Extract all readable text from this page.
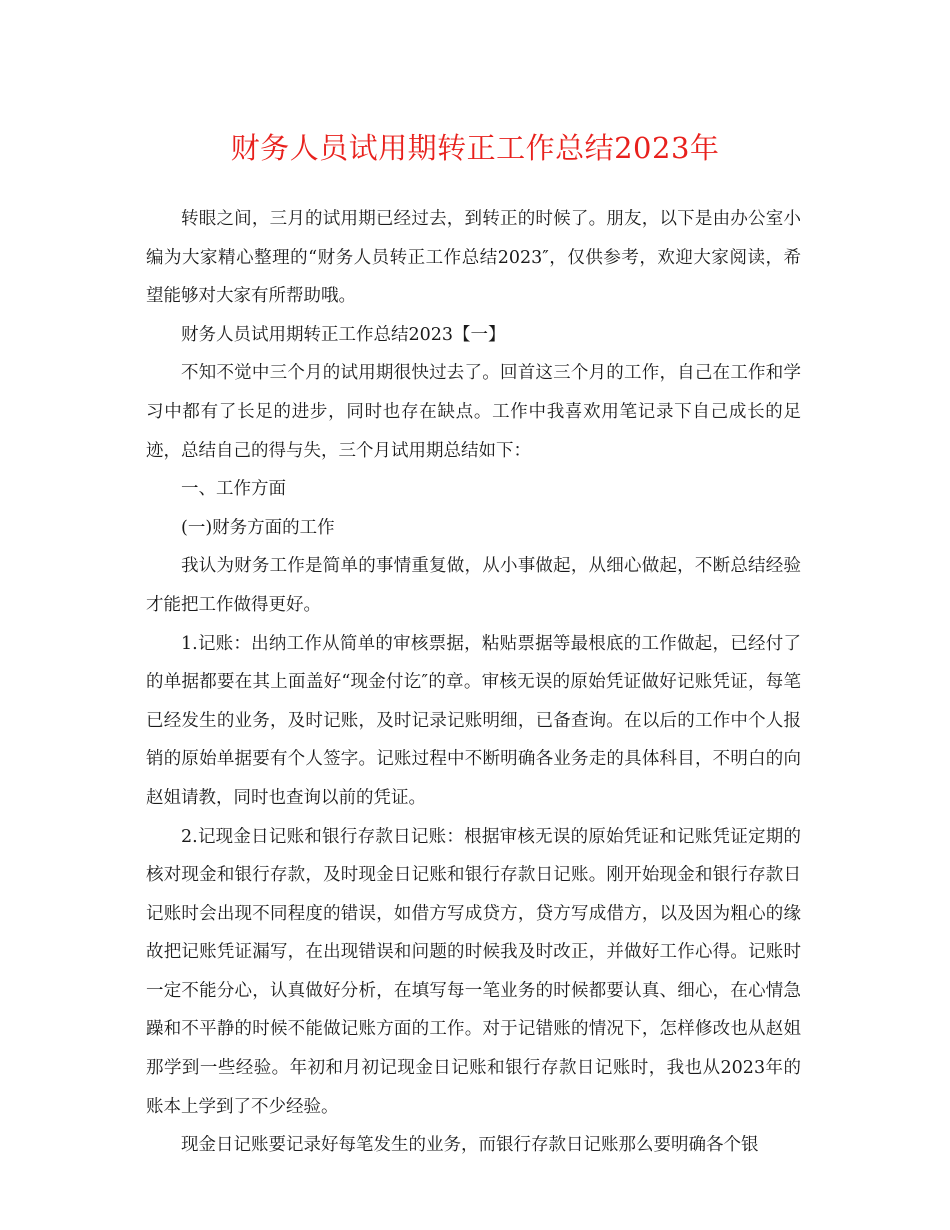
财务人员试用期转正工作总结2023年

转眼之间，三月的试用期已经过去，到转正的时候了。朋友，以下是由办公室小编为大家精心整理的“财务人员转正工作总结2023″，仅供参考，欢迎大家阅读，希望能够对大家有所帮助哦。

财务人员试用期转正工作总结2023【一】

不知不觉中三个月的试用期很快过去了。回首这三个月的工作，自己在工作和学习中都有了长足的进步，同时也存在缺点。工作中我喜欢用笔记录下自己成长的足迹，总结自己的得与失，三个月试用期总结如下：

一、工作方面

(一)财务方面的工作

我认为财务工作是简单的事情重复做，从小事做起，从细心做起，不断总结经验才能把工作做得更好。

1.记账：出纳工作从简单的审核票据，粘贴票据等最根底的工作做起，已经付了的单据都要在其上面盖好“现金付讫″的章。审核无误的原始凭证做好记账凭证，每笔已经发生的业务，及时记账，及时记录记账明细，已备查询。在以后的工作中个人报销的原始单据要有个人签字。记账过程中不断明确各业务走的具体科目，不明白的向赵姐请教，同时也查询以前的凭证。

2.记现金日记账和银行存款日记账：根据审核无误的原始凭证和记账凭证定期的核对现金和银行存款，及时现金日记账和银行存款日记账。刚开始现金和银行存款日记账时会出现不同程度的错误，如借方写成贷方，贷方写成借方，以及因为粗心的缘故把记账凭证漏写，在出现错误和问题的时候我及时改正，并做好工作心得。记账时一定不能分心，认真做好分析，在填写每一笔业务的时候都要认真、细心，在心情急躁和不平静的时候不能做记账方面的工作。对于记错账的情况下，怎样修改也从赵姐那学到一些经验。年初和月初记现金日记账和银行存款日记账时，我也从2023年的账本上学到了不少经验。

现金日记账要记录好每笔发生的业务，而银行存款日记账那么要明确各个银
